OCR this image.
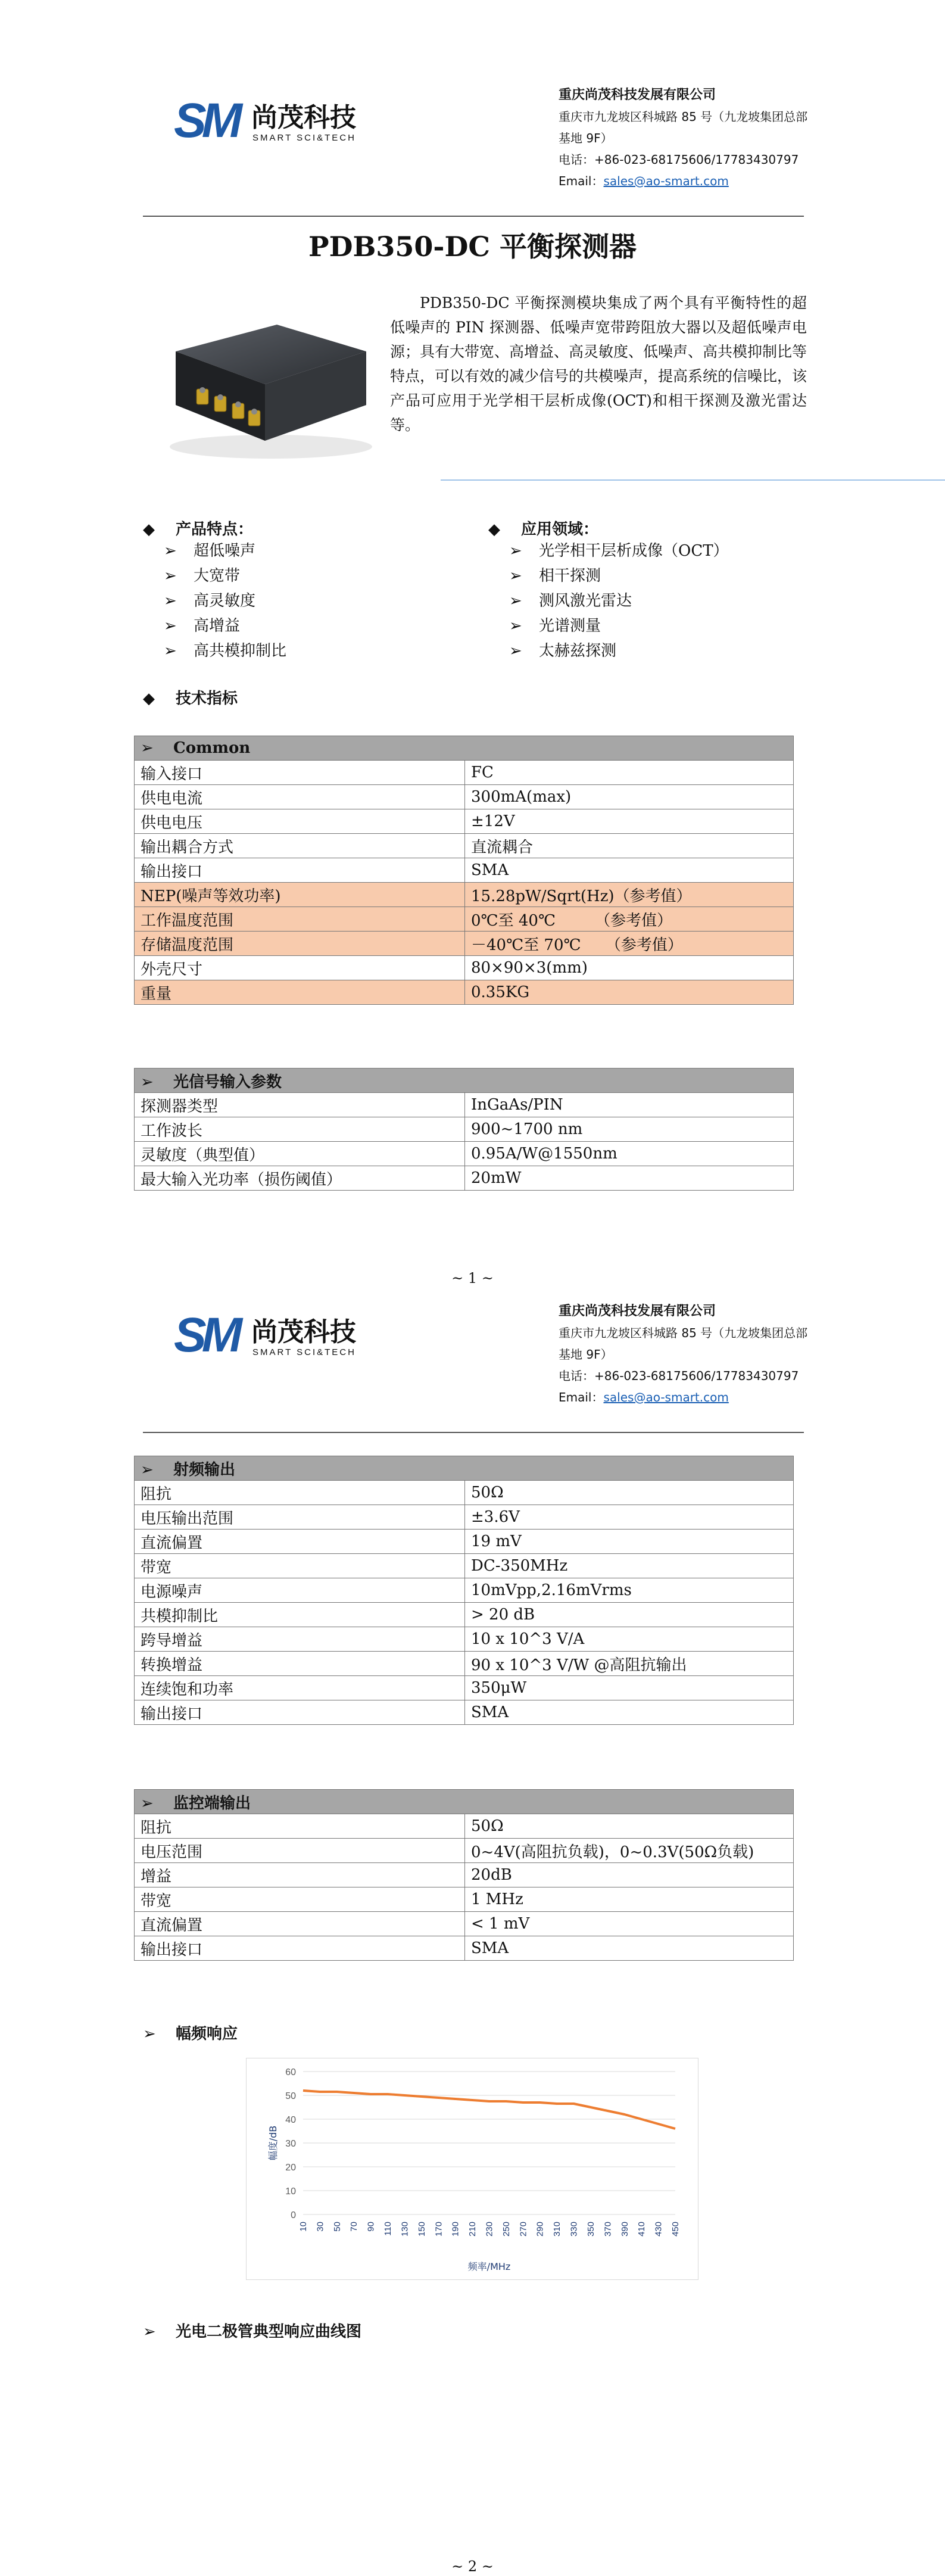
SM 尚茂科技
SMART SCI&TECH
重庆尚茂科技发展有限公司
重庆市九龙坡区科城路 85 号（九龙坡集团总部
基地 9F）
电话：+86-023-68175606/17783430797
Email：sales@ao-smart.com
PDB350-DC 平衡探测器
PDB350-DC 平衡探测模块集成了两个具有平衡特性的超低噪声的 PIN 探测器、低噪声宽带跨阻放大器以及超低噪声电源；具有大带宽、高增益、高灵敏度、低噪声、高共模抑制比等特点，可以有效的减少信号的共模噪声，提高系统的信噪比，该产品可应用于光学相干层析成像(OCT)和相干探测及激光雷达等。
◆ 产品特点：
➢ 超低噪声
➢ 大宽带
➢ 高灵敏度
➢ 高增益
➢ 高共模抑制比
◆ 应用领域：
➢ 光学相干层析成像（OCT）
➢ 相干探测
➢ 测风激光雷达
➢ 光谱测量
➢ 太赫兹探测
◆ 技术指标
➢ Common
输入接口	FC
供电电流	300mA(max)
供电电压	±12V
输出耦合方式	直流耦合
输出接口	SMA
NEP(噪声等效功率)	15.28pW/Sqrt(Hz)（参考值）
工作温度范围	0℃至 40℃        （参考值）
存储温度范围	－40℃至 70℃     （参考值）
外壳尺寸	80×90×3(mm)
重量	0.35KG
➢ 光信号输入参数
探测器类型	InGaAs/PIN
工作波长	900~1700 nm
灵敏度（典型值）	0.95A/W@1550nm
最大输入光功率（损伤阈值）	20mW
~ 1 ~
SM 尚茂科技
SMART SCI&TECH
重庆尚茂科技发展有限公司
重庆市九龙坡区科城路 85 号（九龙坡集团总部
基地 9F）
电话：+86-023-68175606/17783430797
Email：sales@ao-smart.com
➢ 射频输出
阻抗	50Ω
电压输出范围	±3.6V
直流偏置	19 mV
带宽	DC-350MHz
电源噪声	10mVpp,2.16mVrms
共模抑制比	> 20 dB
跨导增益	10 x 10^3 V/A
转换增益	90 x 10^3 V/W @高阻抗输出
连续饱和功率	350μW
输出接口	SMA
➢ 监控端输出
阻抗	50Ω
电压范围	0~4V(高阻抗负载)，0~0.3V(50Ω负载)
增益	20dB
带宽	1 MHz
直流偏置	< 1 mV
输出接口	SMA
➢ 幅频响应
➢ 光电二极管典型响应曲线图
~ 2 ~
0
10
20
30
40
50
60
10 30 50 70 90 110 130 150 170 190 210 230 250 270 290 310 330 350 370 390 410 430 450
频率/MHz
幅度/dB
